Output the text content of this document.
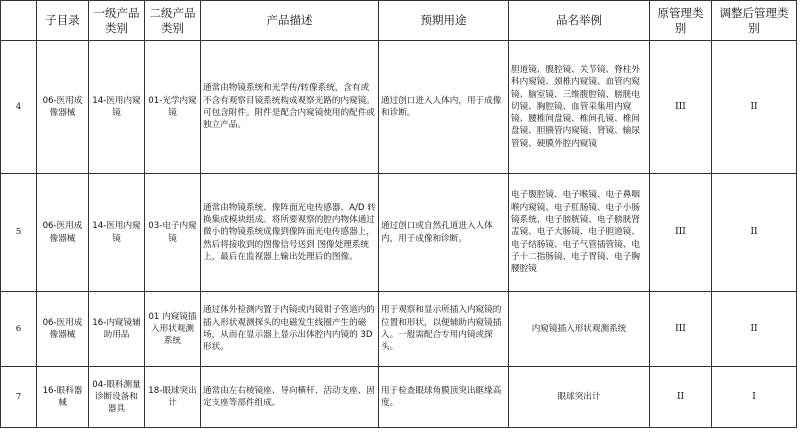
	子目录	一级产品类别	二级产品类别	产品描述	预期用途	品名举例	原管理类别	调整后管理类别
4	06-医用成像器械	14-医用内窥镜	01-光学内窥镜	通常由物镜系统和光学传/转像系统，含有或不含有观察目镜系统构成观察光路的内窥镜。可包含附件。附件是配合内窥镜使用的配件或独立产品。	通过创口进入人体内，用于成像和诊断。	胆道镜、腹腔镜、关节镜、脊柱外科内窥镜、颈椎内窥镜、血管内窥镜、脑室镜、三维腹腔镜、膀胱电切镜、胸腔镜、血管采集用内窥镜、腰椎间盘镜、椎间孔镜、椎间盘镜、胆胰管内窥镜、肾镜、输尿管镜、硬膜外腔内窥镜	III	II
5	06-医用成像器械	14-医用内窥镜	03-电子内窥镜	通常由物镜系统、像阵面光电传感器、A/D 转换集成模块组成。将所要观察的腔内物体通过微小的物镜系统成像到像阵面光电传感器上，然后将接收到的图像信号送到 图像处理系统上，最后在监视器上输出处理后的图像。	通过创口或自然孔道进入人体内，用于成像和诊断。	电子腹腔镜、电子喉镜、电子鼻咽喉内窥镜、电子肛肠镜、电子小肠镜系统、电子膀胱镜、电子膀胱肾盂镜、电子大肠镜、电子胆道镜、电子结肠镜、电子气管插管镜、电子十二指肠镜、电子胃镜、电子胸腰腔镜	III	II
6	06-医用成像器械	16-内窥镜辅助用品	01 内窥镜插入形状观测系统	通过体外检测内置于内镜或内镜钳子管道内的插入形状观测探头的电磁发生线圈产生的磁场，从而在显示器上显示出体腔内内镜的 3D 形状。	用于观察和显示所插入内窥镜的位置和形状，以便辅助内窥镜插入。一般需配合专用内镜或探头。	内窥镜插入形状观测系统	III	II
7	16-眼科器械	04-眼科测量诊断设备和器具	18-眼球突出计	通常由左右棱镜座、导向横杆、活动支座、固定支座等部件组成。	用于检查眼球角膜顶突出眶缘高度。	眼球突出计	II	I
